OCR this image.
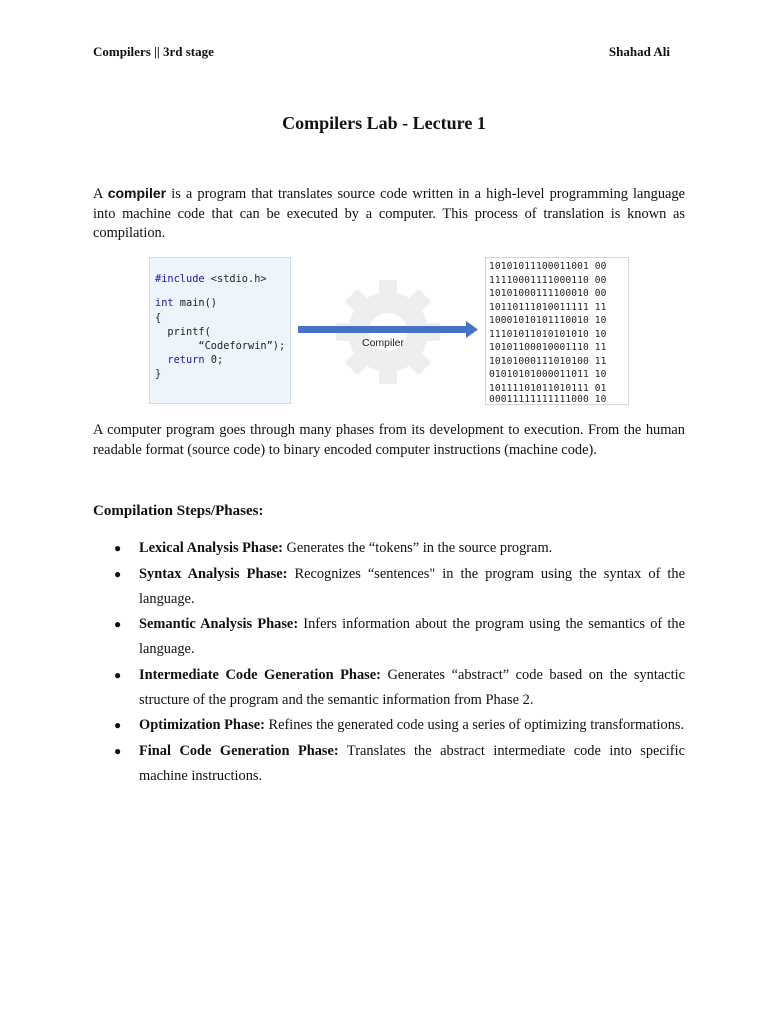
Compilers || 3rd stage	Shahad Ali
Compilers Lab - Lecture 1

A compiler is a program that translates source code written in a high-level programming language into machine code that can be executed by a computer. This process of translation is known as compilation.

#include <stdio.h>
int main()
{
printf(
“Codeforwin”);
return 0;
}
Compiler
10101011100011001 00
11110001111000110 00
10101000111100010 00
10110111010011111 11
10001010101110010 10
11101011010101010 10
10101100010001110 11
10101000111010100 11
01010101000011011 10
10111101011010111 01
00011111111111000 10

A computer program goes through many phases from its development to execution. From the human readable format (source code) to binary encoded computer instructions (machine code).

Compilation Steps/Phases:
● Lexical Analysis Phase: Generates the “tokens” in the source program.
● Syntax Analysis Phase: Recognizes “sentences" in the program using the syntax of the language.
● Semantic Analysis Phase: Infers information about the program using the semantics of the language.
● Intermediate Code Generation Phase: Generates “abstract” code based on the syntactic structure of the program and the semantic information from Phase 2.
● Optimization Phase: Refines the generated code using a series of optimizing transformations.
● Final Code Generation Phase: Translates the abstract intermediate code into specific machine instructions.
